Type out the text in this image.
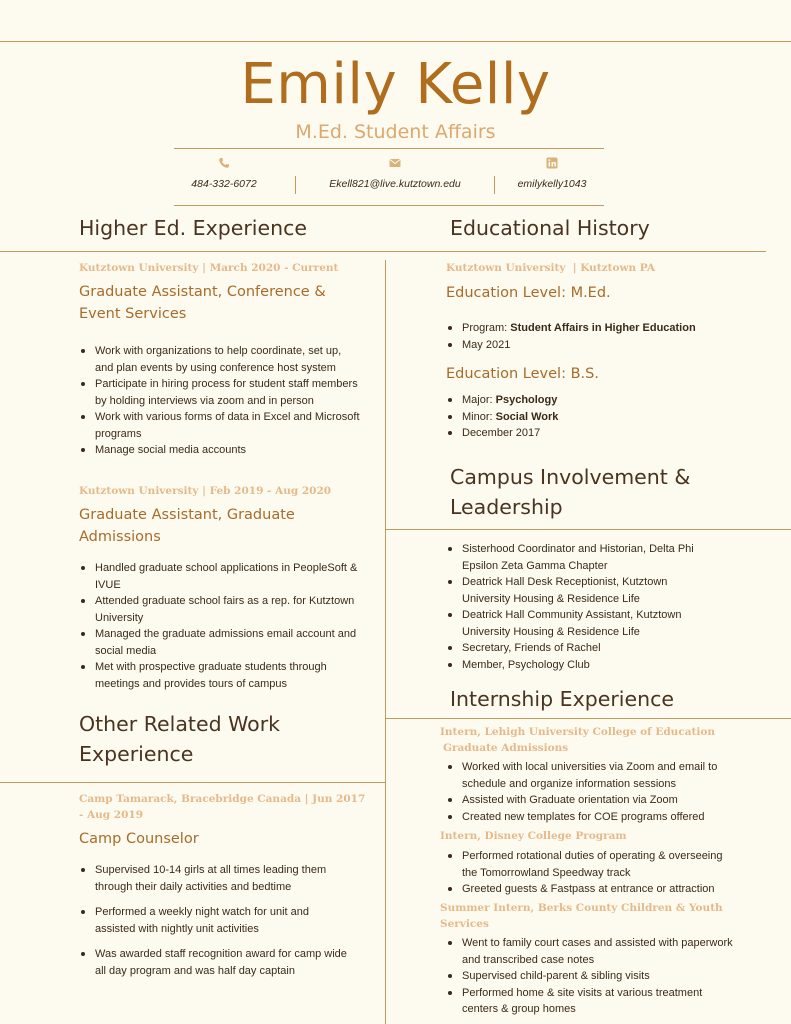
Emily Kelly
M.Ed. Student Affairs
484-332-6072	Ekell821@live.kutztown.edu	emilykelly1043
Higher Ed. Experience
Kutztown University | March 2020 - Current
Graduate Assistant, Conference & Event Services
Work with organizations to help coordinate, set up, and plan events by using conference host system
Participate in hiring process for student staff members by holding interviews via zoom and in person
Work with various forms of data in Excel and Microsoft programs
Manage social media accounts
Kutztown University | Feb 2019 - Aug 2020
Graduate Assistant, Graduate Admissions
Handled graduate school applications in PeopleSoft & IVUE
Attended graduate school fairs as a rep. for Kutztown University
Managed the graduate admissions email account and social media
Met with prospective graduate students through meetings and provides tours of campus
Other Related Work Experience
Camp Tamarack, Bracebridge Canada | Jun 2017 - Aug 2019
Camp Counselor
Supervised 10-14 girls at all times leading them through their daily activities and bedtime
Performed a weekly night watch for unit and assisted with nightly unit activities
Was awarded staff recognition award for camp wide all day program and was half day captain
Educational History
Kutztown University  | Kutztown PA
Education Level: M.Ed.
Program: Student Affairs in Higher Education
May 2021
Education Level: B.S.
Major: Psychology
Minor: Social Work
December 2017
Campus Involvement & Leadership
Sisterhood Coordinator and Historian, Delta Phi Epsilon Zeta Gamma Chapter
Deatrick Hall Desk Receptionist, Kutztown University Housing & Residence Life
Deatrick Hall Community Assistant, Kutztown University Housing & Residence Life
Secretary, Friends of Rachel
Member, Psychology Club
Internship Experience
Intern, Lehigh University College of Education
Graduate Admissions
Worked with local universities via Zoom and email to schedule and organize information sessions
Assisted with Graduate orientation via Zoom
Created new templates for COE programs offered
Intern, Disney College Program
Performed rotational duties of operating & overseeing the Tomorrowland Speedway track
Greeted guests & Fastpass at entrance or attraction
Summer Intern, Berks County Children & Youth
Services
Went to family court cases and assisted with paperwork and transcribed case notes
Supervised child-parent & sibling visits
Performed home & site visits at various treatment centers & group homes
